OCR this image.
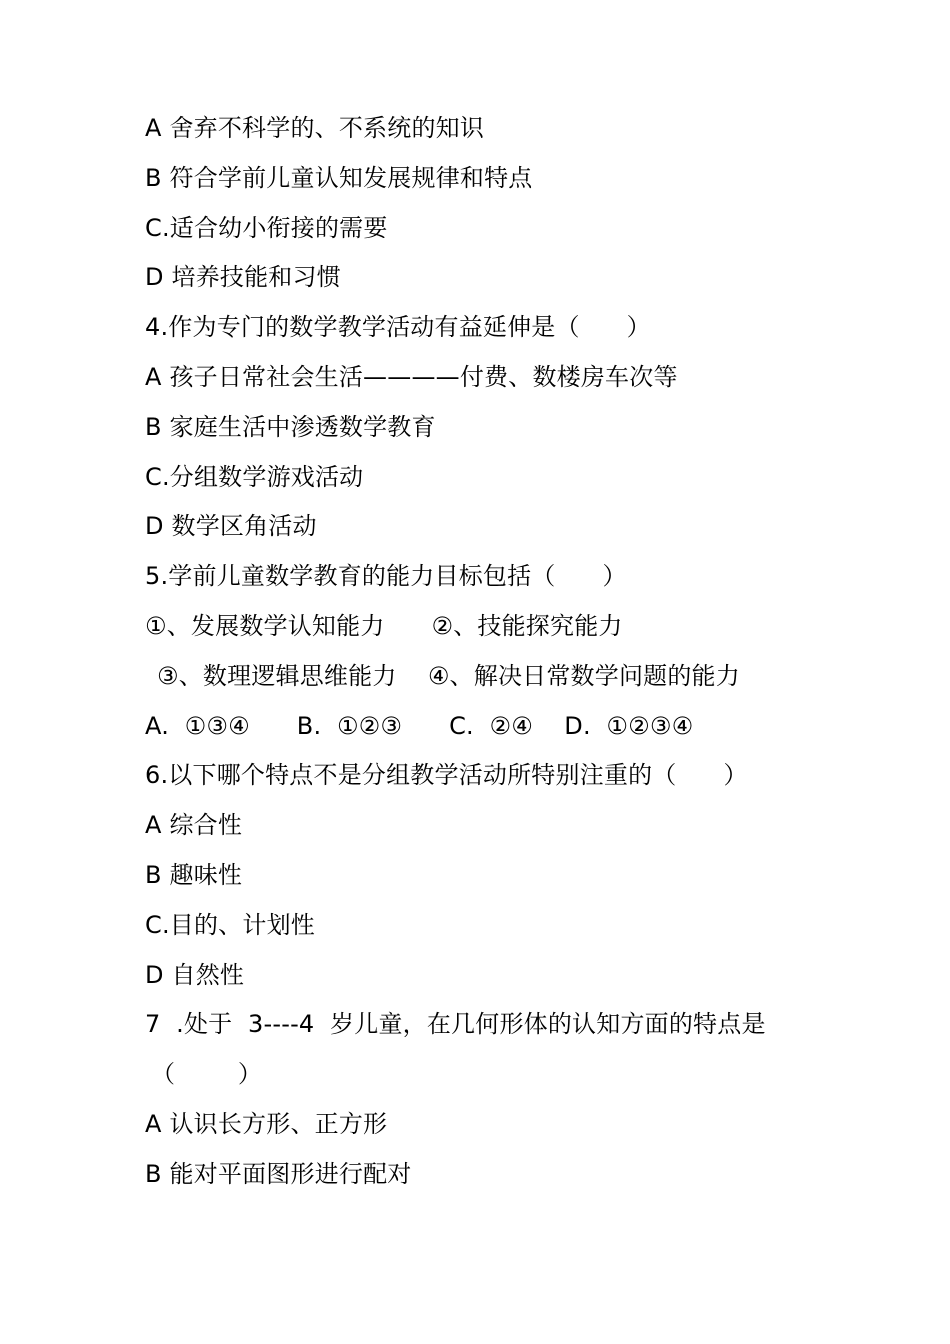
A 舍弃不科学的、不系统的知识
B 符合学前儿童认知发展规律和特点
C.适合幼小衔接的需要
D 培养技能和习惯
4.作为专门的数学教学活动有益延伸是（      ）
A 孩子日常社会生活————付费、数楼房车次等
B 家庭生活中渗透数学教育
C.分组数学游戏活动
D 数学区角活动
5.学前儿童数学教育的能力目标包括（      ）
①、发展数学认知能力      ②、技能探究能力
③、数理逻辑思维能力    ④、解决日常数学问题的能力
A.  ①③④      B.  ①②③      C.  ②④    D.  ①②③④
6.以下哪个特点不是分组教学活动所特别注重的（      ）
A 综合性
B 趣味性
C.目的、计划性
D 自然性
7  .处于  3----4  岁儿童，在几何形体的认知方面的特点是
（        ）
A 认识长方形、正方形
B 能对平面图形进行配对
